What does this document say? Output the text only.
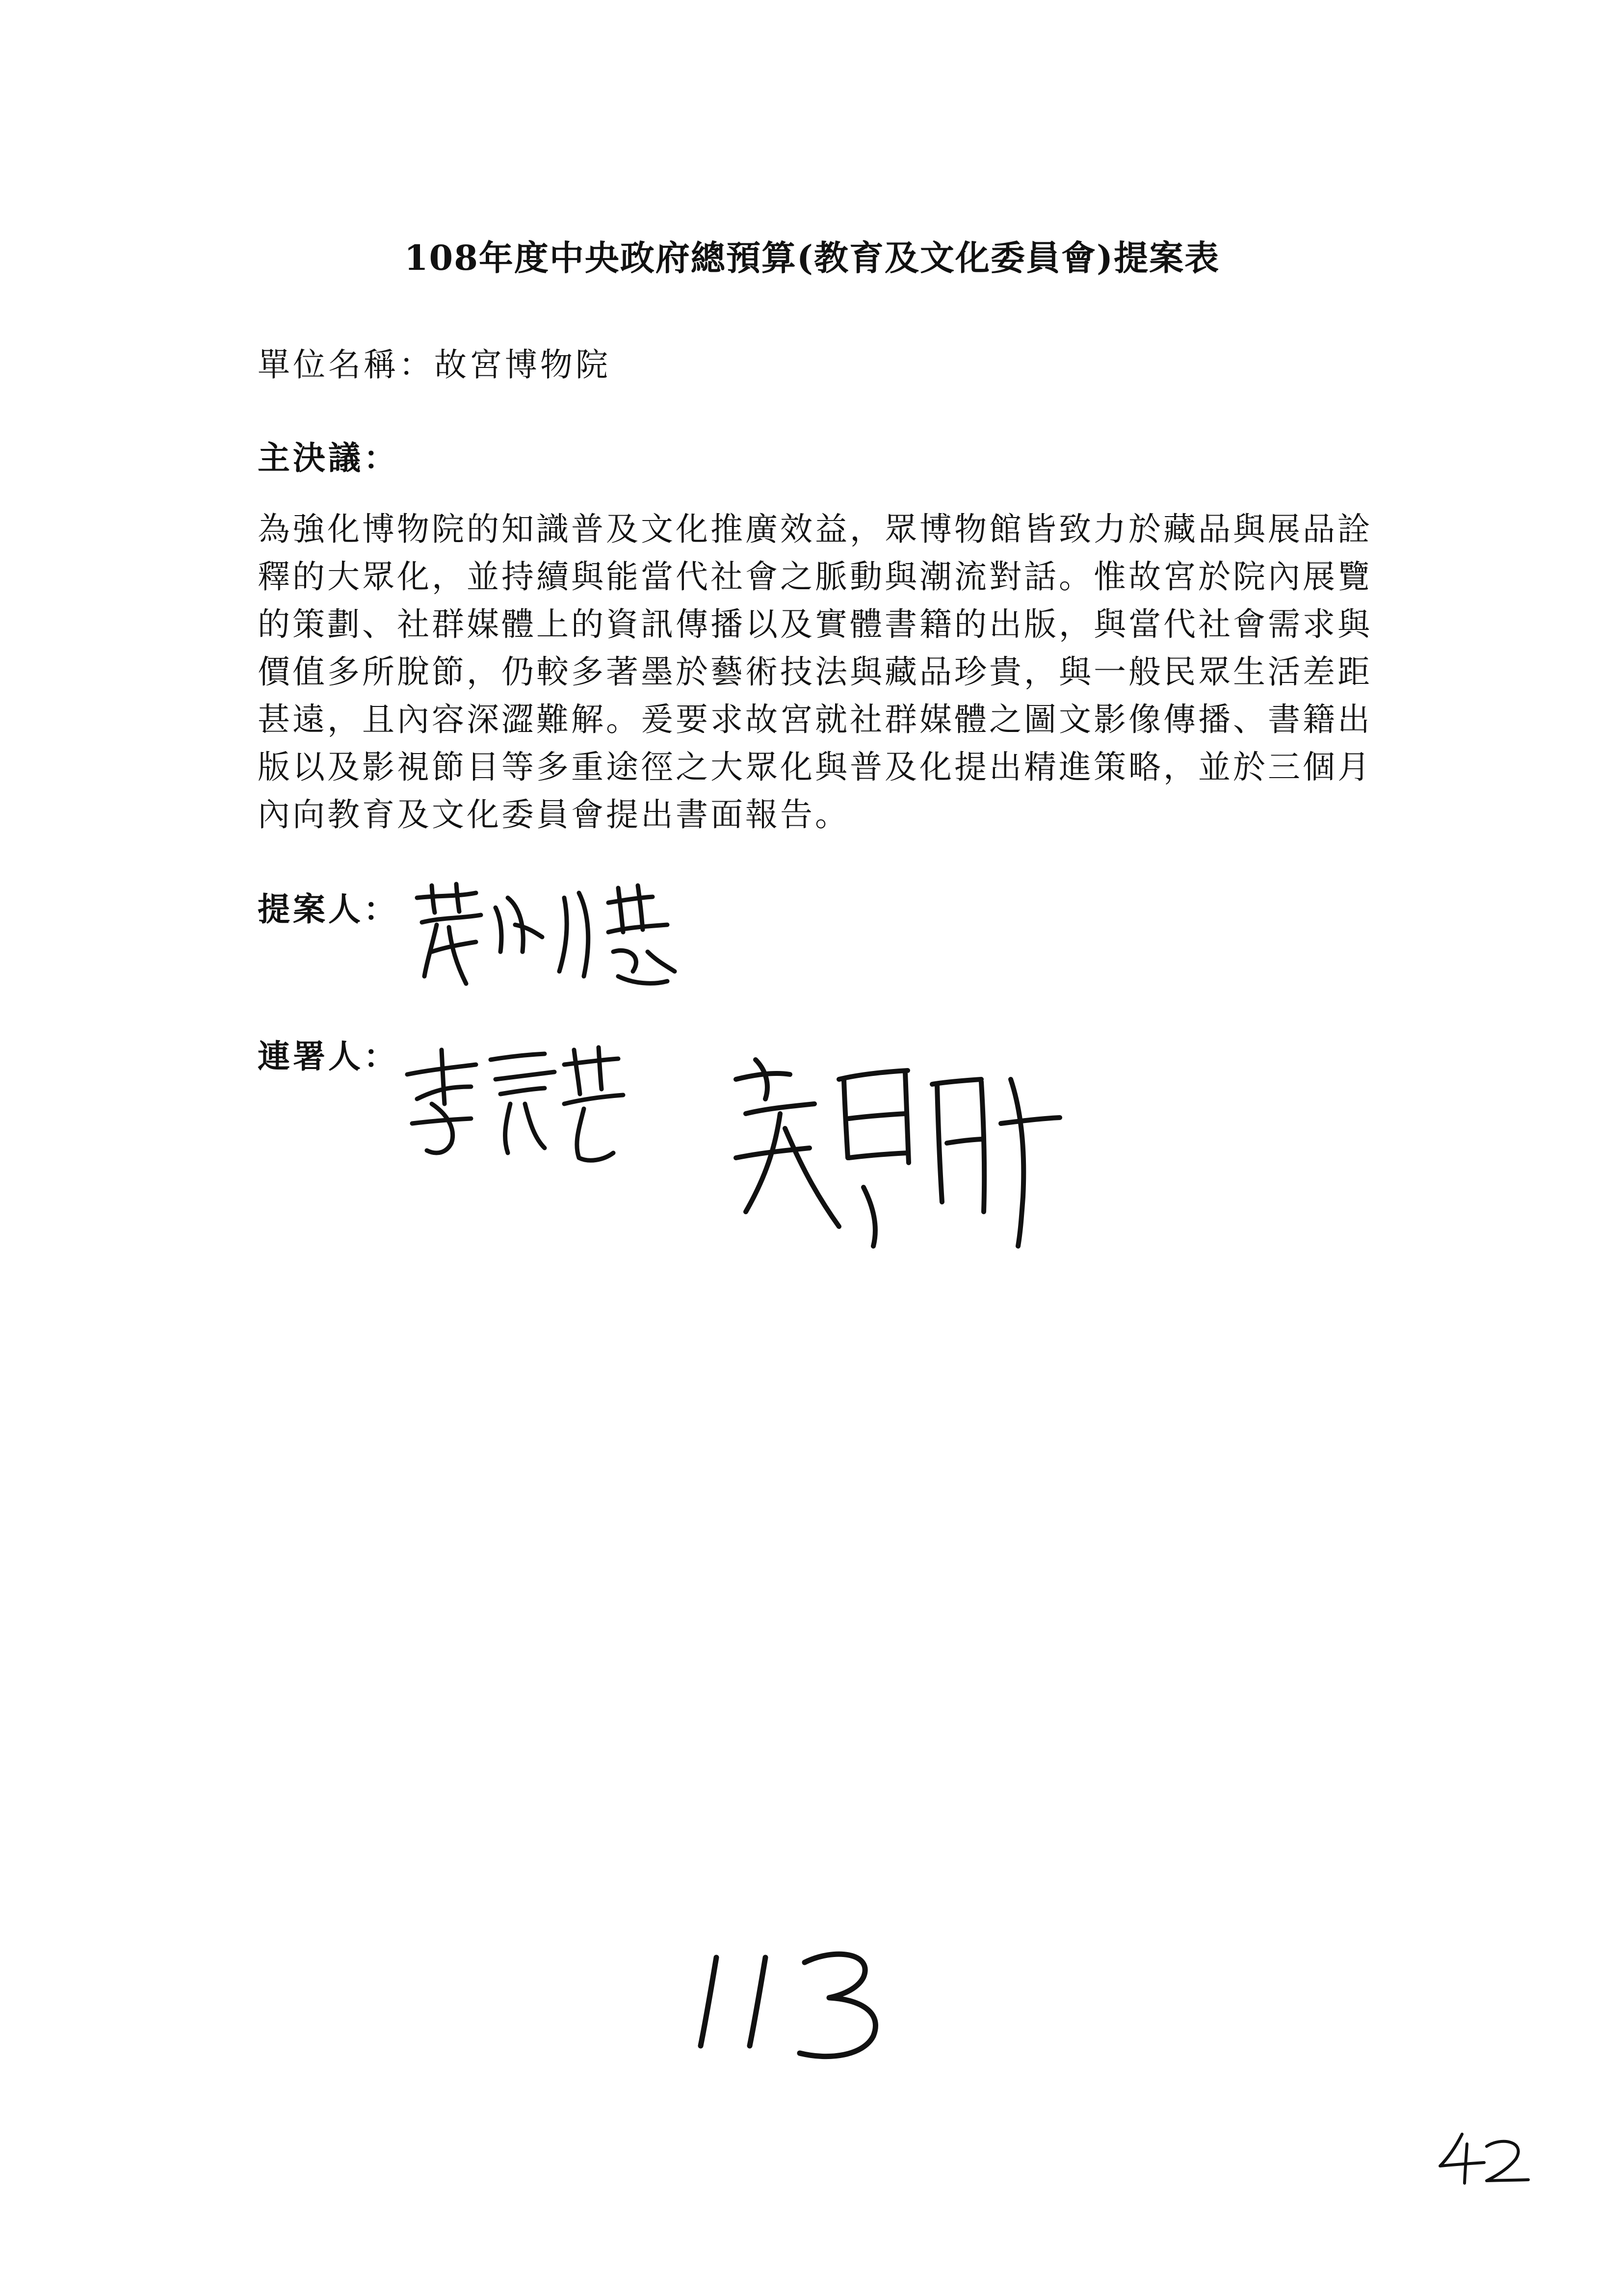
108年度中央政府總預算(教育及文化委員會)提案表
單位名稱：故宮博物院
主決議：

為強化博物院的知識普及文化推廣效益，眾博物館皆致力於藏品與展品詮

釋的大眾化，並持續與能當代社會之脈動與潮流對話。惟故宮於院內展覽

的策劃、社群媒體上的資訊傳播以及實體書籍的出版，與當代社會需求與

價值多所脫節，仍較多著墨於藝術技法與藏品珍貴，與一般民眾生活差距

甚遠，且內容深澀難解。爰要求故宮就社群媒體之圖文影像傳播、書籍出

版以及影視節目等多重途徑之大眾化與普及化提出精進策略，並於三個月

內向教育及文化委員會提出書面報告。

提案人：
連署人：
